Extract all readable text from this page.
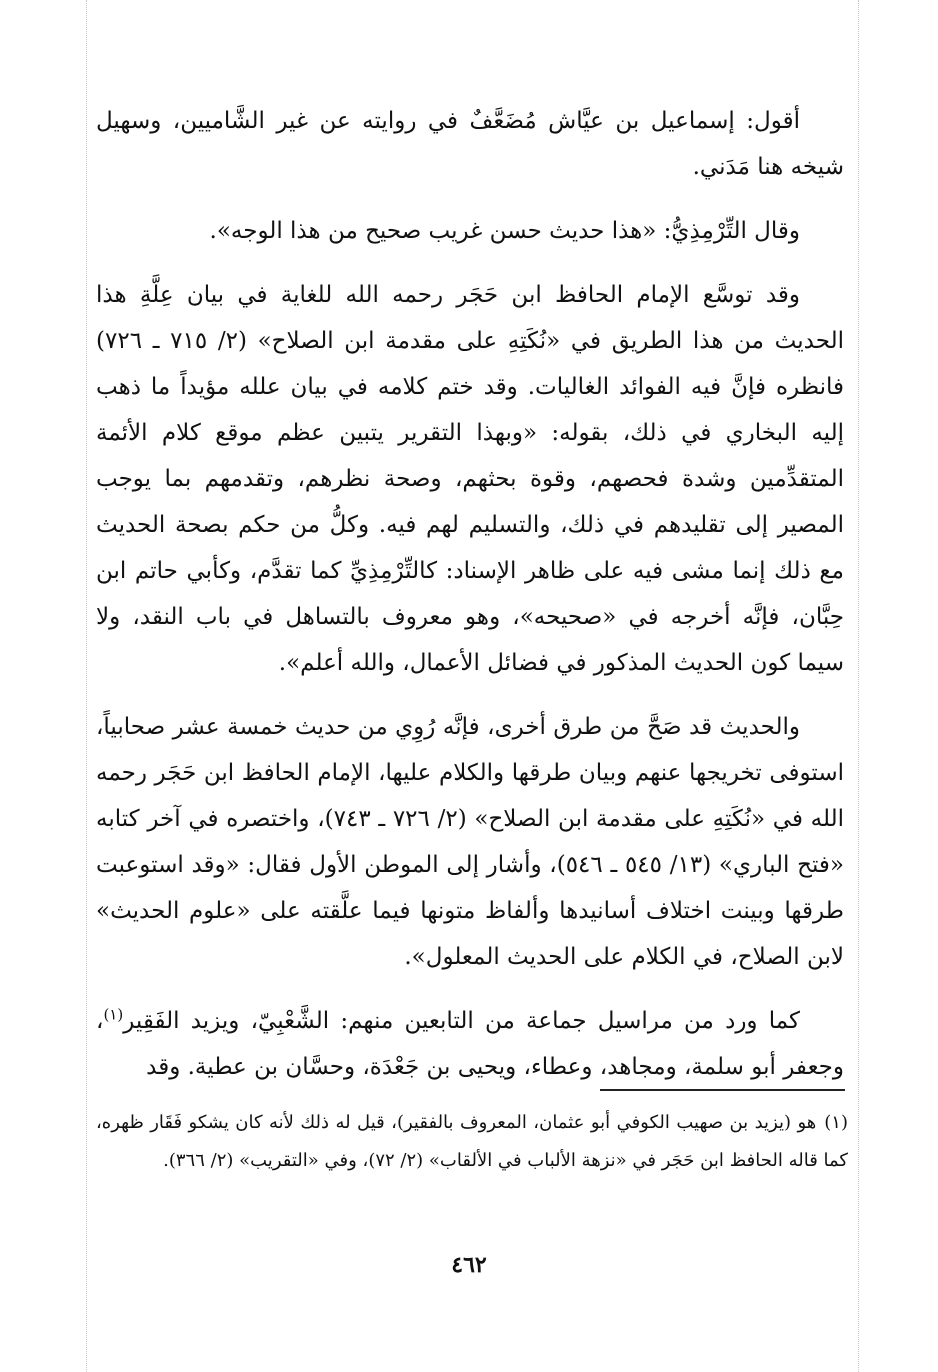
أقول: إسماعيل بن عيَّاش مُضَعَّفٌ في روايته عن غير الشَّاميين، وسهيل شيخه هنا مَدَني.

وقال التِّرْمِذِيُّ: «هذا حديث حسن غريب صحيح من هذا الوجه».

وقد توسَّع الإمام الحافظ ابن حَجَر رحمه الله للغاية في بيان عِلَّةِ هذا الحديث من هذا الطريق في «نُكَتِهِ على مقدمة ابن الصلاح» (٢/ ٧١٥ ـ ٧٢٦) فانظره فإنَّ فيه الفوائد الغاليات. وقد ختم كلامه في بيان علله مؤيداً ما ذهب إليه البخاري في ذلك، بقوله: «وبهذا التقرير يتبين عظم موقع كلام الأئمة المتقدِّمين وشدة فحصهم، وقوة بحثهم، وصحة نظرهم، وتقدمهم بما يوجب المصير إلى تقليدهم في ذلك، والتسليم لهم فيه. وكلُّ من حكم بصحة الحديث مع ذلك إنما مشى فيه على ظاهر الإسناد: كالتِّرْمِذِيِّ كما تقدَّم، وكأبي حاتم ابن حِبَّان، فإنَّه أخرجه في «صحيحه»، وهو معروف بالتساهل في باب النقد، ولا سيما كون الحديث المذكور في فضائل الأعمال، والله أعلم».

والحديث قد صَحَّ من طرق أخرى، فإنَّه رُوِي من حديث خمسة عشر صحابياً، استوفى تخريجها عنهم وبيان طرقها والكلام عليها، الإمام الحافظ ابن حَجَر رحمه الله في «نُكَتِهِ على مقدمة ابن الصلاح» (٢/ ٧٢٦ ـ ٧٤٣)، واختصره في آخر كتابه «فتح الباري» (١٣/ ٥٤٥ ـ ٥٤٦)، وأشار إلى الموطن الأول فقال: «وقد استوعبت طرقها وبينت اختلاف أسانيدها وألفاظ متونها فيما علَّقته على «علوم الحديث» لابن الصلاح، في الكلام على الحديث المعلول».

كما ورد من مراسيل جماعة من التابعين منهم: الشَّعْبِيّ، ويزيد الفَقِير$^{(١)}$، وجعفر أبو سلمة، ومجاهد، وعطاء، ويحيى بن جَعْدَة، وحسَّان بن عطية. وقد

(١)هو (يزيد بن صهيب الكوفي أبو عثمان، المعروف بالفقير)، قيل له ذلك لأنه كان يشكو فَقَار ظهره، كما قاله الحافظ ابن حَجَر في «نزهة الألباب في الألقاب» (٢/ ٧٢)، وفي «التقريب» (٢/ ٣٦٦).
٤٦٢
